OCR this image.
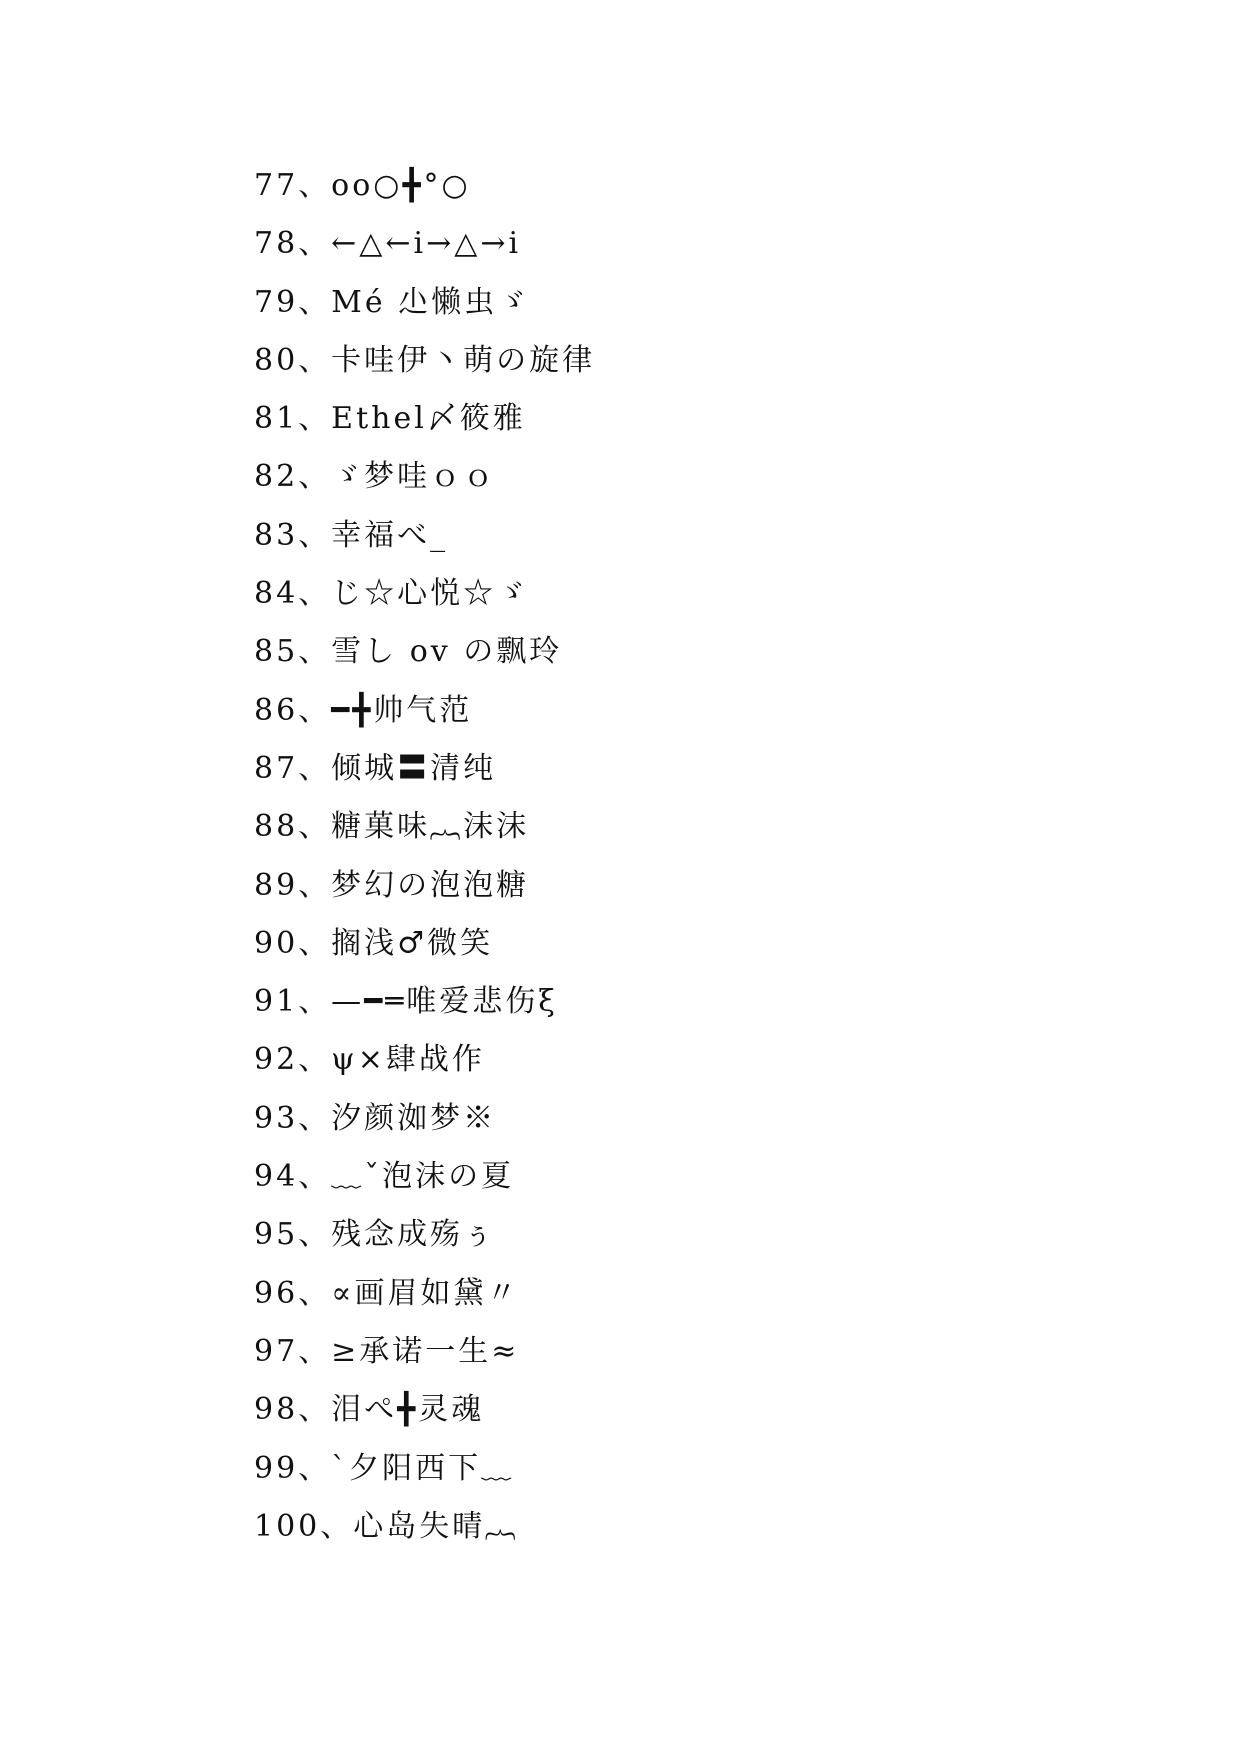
77、oo○╋°○
78、←△←i→△→i
79、Mé 尐懒虫ゞ
80、卡哇伊丶萌の旋律
81、Ethel〆筱雅
82、ゞ梦哇ｏｏ
83、幸福べ_
84、じ☆心悦☆ゞ
85、雪し ov の飘玲
86、━╋帅气范
87、倾城〓清纯
88、糖菓味︷沫沫
89、梦幻の泡泡糖
90、搁浅♂微笑
91、—━═唯爱悲伤ξ
92、ψ×肆战作
93、汐颜洳梦※
94、﹏ˇ泡沫の夏
95、残念成殇ぅ
96、∝画眉如黛〃
97、≥承诺一生≈
98、泪ぺ╋灵魂
99、ˋ夕阳西下﹏
100、心岛失晴︷
